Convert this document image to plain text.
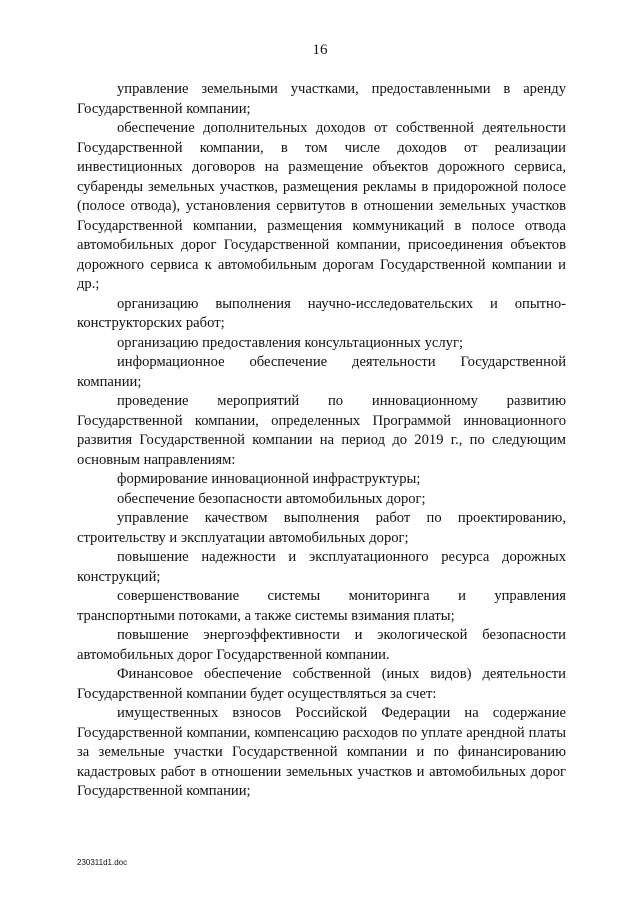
16

управление земельными участками, предоставленными в аренду Государственной компании;

обеспечение дополнительных доходов от собственной деятельности Государственной компании, в том числе доходов от реализации инвестиционных договоров на размещение объектов дорожного сервиса, субаренды земельных участков, размещения рекламы в придорожной полосе (полосе отвода), установления сервитутов в отношении земельных участков Государственной компании, размещения коммуникаций в полосе отвода автомобильных дорог Государственной компании, присоединения объектов дорожного сервиса к автомобильным дорогам Государственной компании и др.;

организацию выполнения научно-исследовательских и опытно-конструкторских работ;

организацию предоставления консультационных услуг;

информационное обеспечение деятельности Государственной компании;

проведение мероприятий по инновационному развитию Государственной компании, определенных Программой инновационного развития Государственной компании на период до 2019 г., по следующим основным направлениям:

формирование инновационной инфраструктуры;

обеспечение безопасности автомобильных дорог;

управление качеством выполнения работ по проектированию, строительству и эксплуатации автомобильных дорог;

повышение надежности и эксплуатационного ресурса дорожных конструкций;

совершенствование системы мониторинга и управления транспортными потоками, а также системы взимания платы;

повышение энергоэффективности и экологической безопасности автомобильных дорог Государственной компании.

Финансовое обеспечение собственной (иных видов) деятельности Государственной компании будет осуществляться за счет:

имущественных взносов Российской Федерации на содержание Государственной компании, компенсацию расходов по уплате арендной платы за земельные участки Государственной компании и по финансированию кадастровых работ в отношении земельных участков и автомобильных дорог Государственной компании;

230311d1.doc
